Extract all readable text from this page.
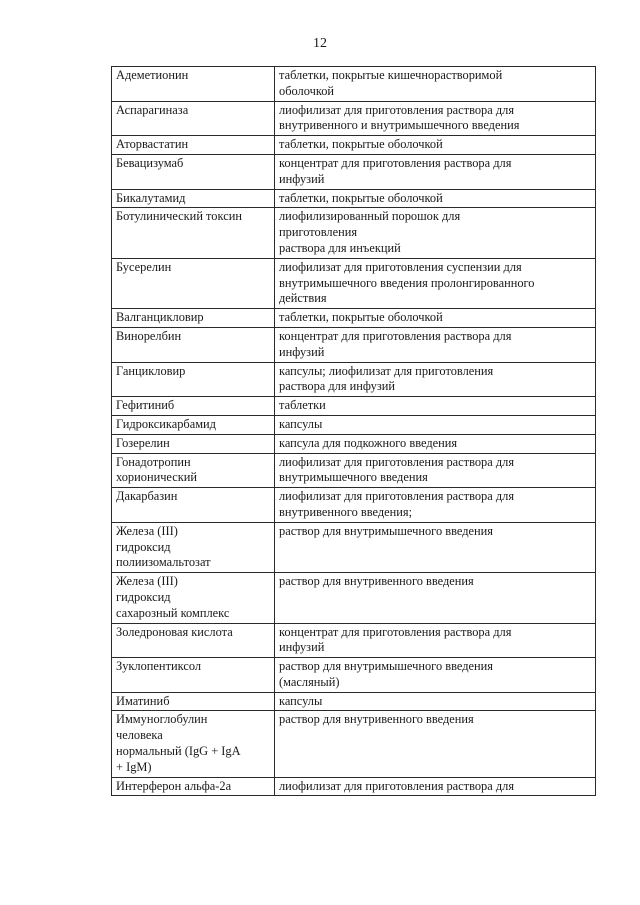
12
Адеметионин	таблетки, покрытые кишечнорастворимой
оболочкой
Аспарагиназа	лиофилизат для приготовления раствора для
внутривенного и внутримышечного введения
Аторвастатин	таблетки, покрытые оболочкой
Бевацизумаб	концентрат для приготовления раствора для
инфузий
Бикалутамид	таблетки, покрытые оболочкой
Ботулинический токсин	лиофилизированный порошок для
приготовления
раствора для инъекций
Бусерелин	лиофилизат для приготовления суспензии для
внутримышечного введения пролонгированного
действия
Валганцикловир	таблетки, покрытые оболочкой
Винорелбин	концентрат для приготовления раствора для
инфузий
Ганцикловир	капсулы; лиофилизат для приготовления
раствора для инфузий
Гефитиниб	таблетки
Гидроксикарбамид	капсулы
Гозерелин	капсула для подкожного введения
Гонадотропин
хорионический	лиофилизат для приготовления раствора для
внутримышечного введения
Дакарбазин	лиофилизат для приготовления раствора для
внутривенного введения;
Железа (III)
гидроксид
полиизомальтозат	раствор для внутримышечного введения
Железа (III)
гидроксид
сахарозный комплекс	раствор для внутривенного введения
Золедроновая кислота	концентрат для приготовления раствора для
инфузий
Зуклопентиксол	раствор для внутримышечного введения
(масляный)
Иматиниб	капсулы
Иммуноглобулин
человека
нормальный (IgG + IgA
+ IgM)	раствор для внутривенного введения
Интерферон альфа-2а	лиофилизат для приготовления раствора для
